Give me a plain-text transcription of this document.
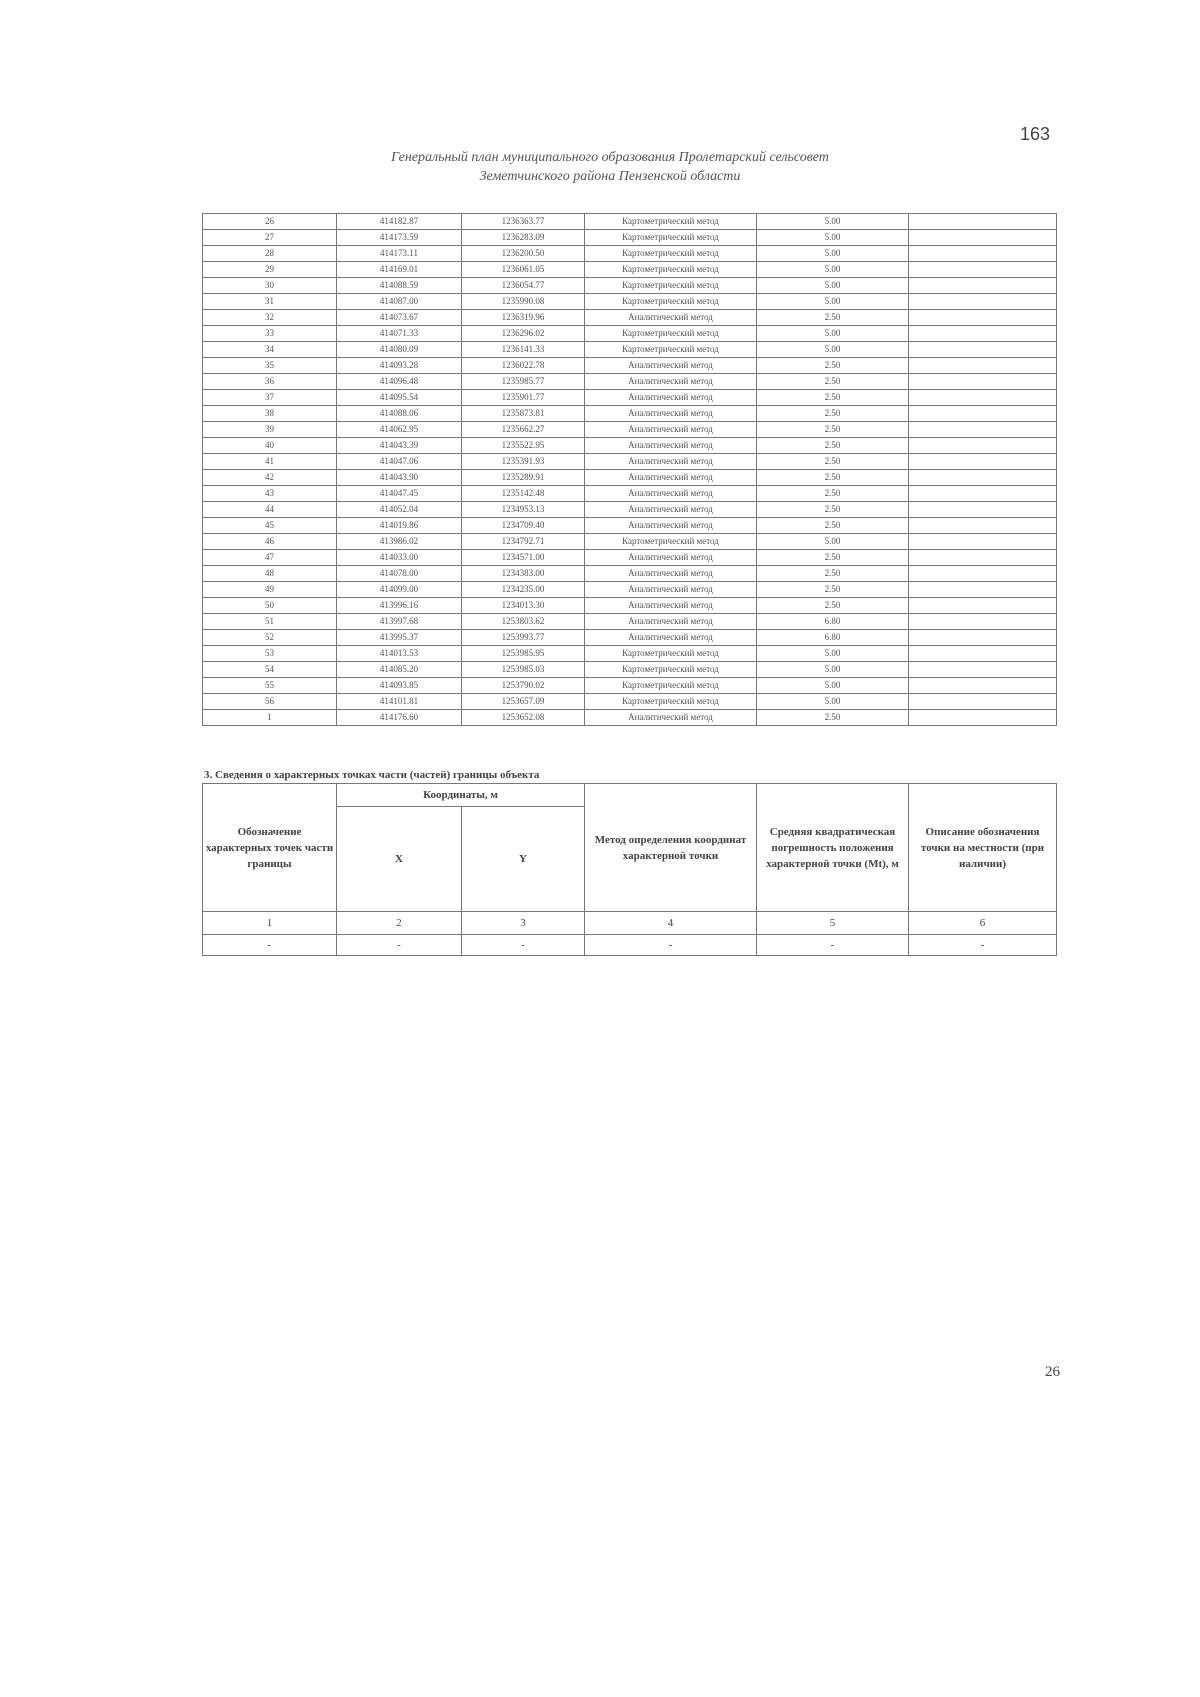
163
Генеральный план муниципального образования Пролетарский сельсовет
Земетчинского района Пензенской области
26	414182.87	1236363.77	Картометрический метод	5.00	
27	414173.59	1236283.09	Картометрический метод	5.00	
28	414173.11	1236200.50	Картометрический метод	5.00	
29	414169.01	1236061.05	Картометрический метод	5.00	
30	414088.59	1236054.77	Картометрический метод	5.00	
31	414087.00	1235990.08	Картометрический метод	5.00	
32	414073.67	1236319.96	Аналитический метод	2.50	
33	414071.33	1236296.02	Картометрический метод	5.00	
34	414080.09	1236141.33	Картометрический метод	5.00	
35	414093.28	1236022.78	Аналитический метод	2.50	
36	414096.48	1235985.77	Аналитический метод	2.50	
37	414095.54	1235901.77	Аналитический метод	2.50	
38	414088.06	1235873.81	Аналитический метод	2.50	
39	414062.95	1235662.27	Аналитический метод	2.50	
40	414043.39	1235522.95	Аналитический метод	2.50	
41	414047.06	1235391.93	Аналитический метод	2.50	
42	414043.90	1235289.91	Аналитический метод	2.50	
43	414047.45	1235142.48	Аналитический метод	2.50	
44	414052.04	1234953.13	Аналитический метод	2.50	
45	414019.86	1234709.40	Аналитический метод	2.50	
46	413986.02	1234792.71	Картометрический метод	5.00	
47	414033.00	1234571.00	Аналитический метод	2.50	
48	414078.00	1234383.00	Аналитический метод	2.50	
49	414099.00	1234235.00	Аналитический метод	2.50	
50	413996.16	1234013.30	Аналитический метод	2.50	
51	413997.68	1253803.62	Аналитический метод	6.80	
52	413995.37	1253993.77	Аналитический метод	6.80	
53	414013.53	1253985.95	Картометрический метод	5.00	
54	414085.20	1253985.03	Картометрический метод	5.00	
55	414093.85	1253790.02	Картометрический метод	5.00	
56	414101.81	1253657.09	Картометрический метод	5.00	
1	414176.60	1253652.08	Аналитический метод	2.50	
3. Сведения о характерных точках части (частей) границы объекта
Обозначение характерных точек части границы	Координаты, м		Метод определения координат характерной точки	Средняя квадратическая погрешность положения характерной точки (Mt), м	Описание обозначения точки на местности (при наличии)
	X	Y			
1	2	3	4	5	6
-	-	-	-	-	-
26
